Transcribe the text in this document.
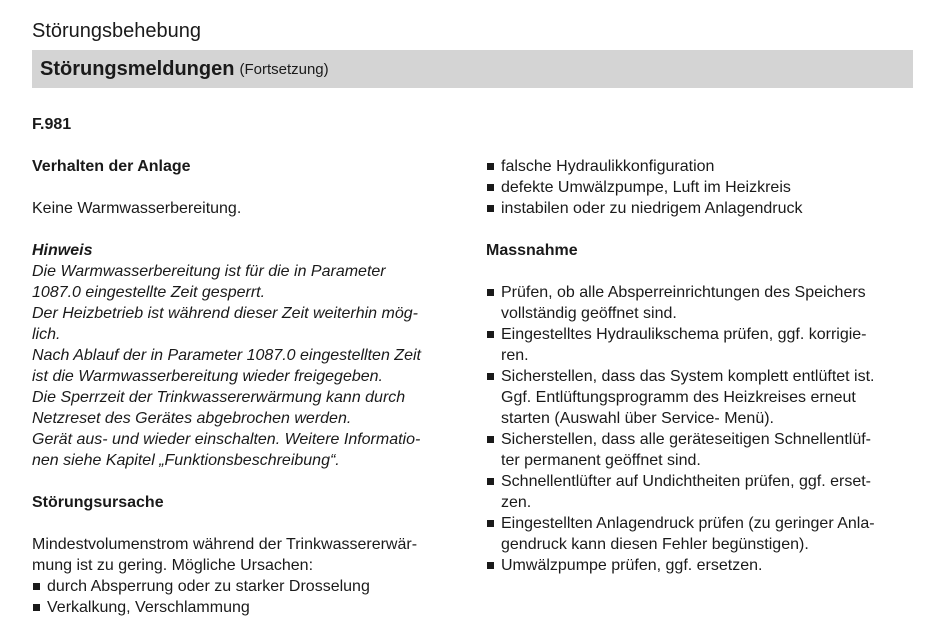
Störungsbehebung
Störungsmeldungen (Fortsetzung)
F.981

Verhalten der Anlage

Keine Warmwasserbereitung.

Hinweis

Die Warmwasserbereitung ist für die in Parameter

1087.0 eingestellte Zeit gesperrt.

Der Heizbetrieb ist während dieser Zeit weiterhin mög-

lich.

Nach Ablauf der in Parameter 1087.0 eingestellten Zeit

ist die Warmwasserbereitung wieder freigegeben.

Die Sperrzeit der Trinkwassererwärmung kann durch

Netzreset des Gerätes abgebrochen werden.

Gerät aus- und wieder einschalten. Weitere Informatio-

nen siehe Kapitel „Funktionsbeschreibung“.

Störungsursache

Mindestvolumenstrom während der Trinkwassererwär-

mung ist zu gering. Mögliche Ursachen:

durch Absperrung oder zu starker Drosselung
Verkalkung, Verschlammung
falsche Hydraulikkonfiguration
defekte Umwälzpumpe, Luft im Heizkreis
instabilen oder zu niedrigem Anlagendruck

Massnahme

Prüfen, ob alle Absperreinrichtungen des Speichers
vollständig geöffnet sind.
Eingestelltes Hydraulikschema prüfen, ggf. korrigie-
ren.
Sicherstellen, dass das System komplett entlüftet ist.
Ggf. Entlüftungsprogramm des Heizkreises erneut
starten (Auswahl über Service- Menü).
Sicherstellen, dass alle geräteseitigen Schnellentlüf-
ter permanent geöffnet sind.
Schnellentlüfter auf Undichtheiten prüfen, ggf. erset-
zen.
Eingestellten Anlagendruck prüfen (zu geringer Anla-
gendruck kann diesen Fehler begünstigen).
Umwälzpumpe prüfen, ggf. ersetzen.
